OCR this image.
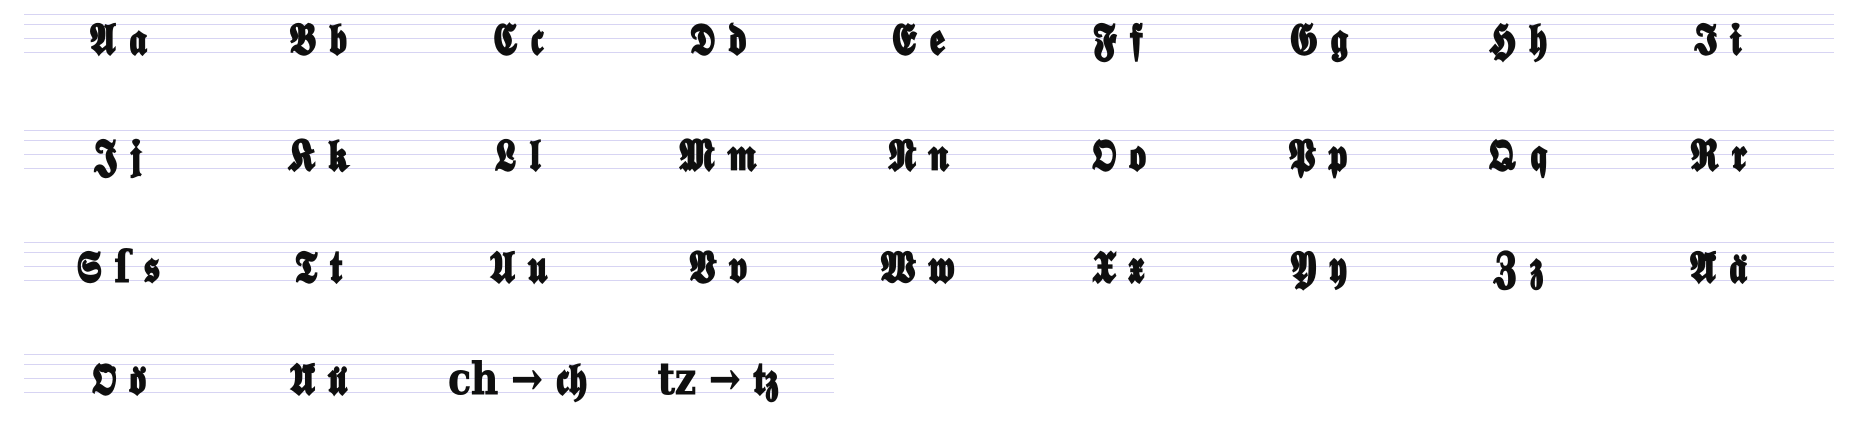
𝕬 𝖆	𝕭 𝖇	𝕮 𝖈	𝕯 𝖉	𝕰 𝖊	𝕱 𝖋	𝕲 𝖌	𝕳 𝖍	𝕴 𝖎
𝕵 𝖏	𝕶 𝖐	𝕷 𝖑	𝕸 𝖒	𝕹 𝖓	𝕺 𝖔	𝕻 𝖕	𝕼 𝖖	𝕽 𝖗
𝕾 ſ 𝖘	𝕿 𝖙	𝖀 𝖚	𝖁 𝖛	𝖂 𝖜	𝖃 𝖝	𝖄 𝖞	𝖅 𝖟	𝕬̈ 𝖆̈
𝕺̈ 𝖔̈	𝖀̈ 𝖚̈	ch → 𝖈𝖍	tz → 𝖙𝖟
